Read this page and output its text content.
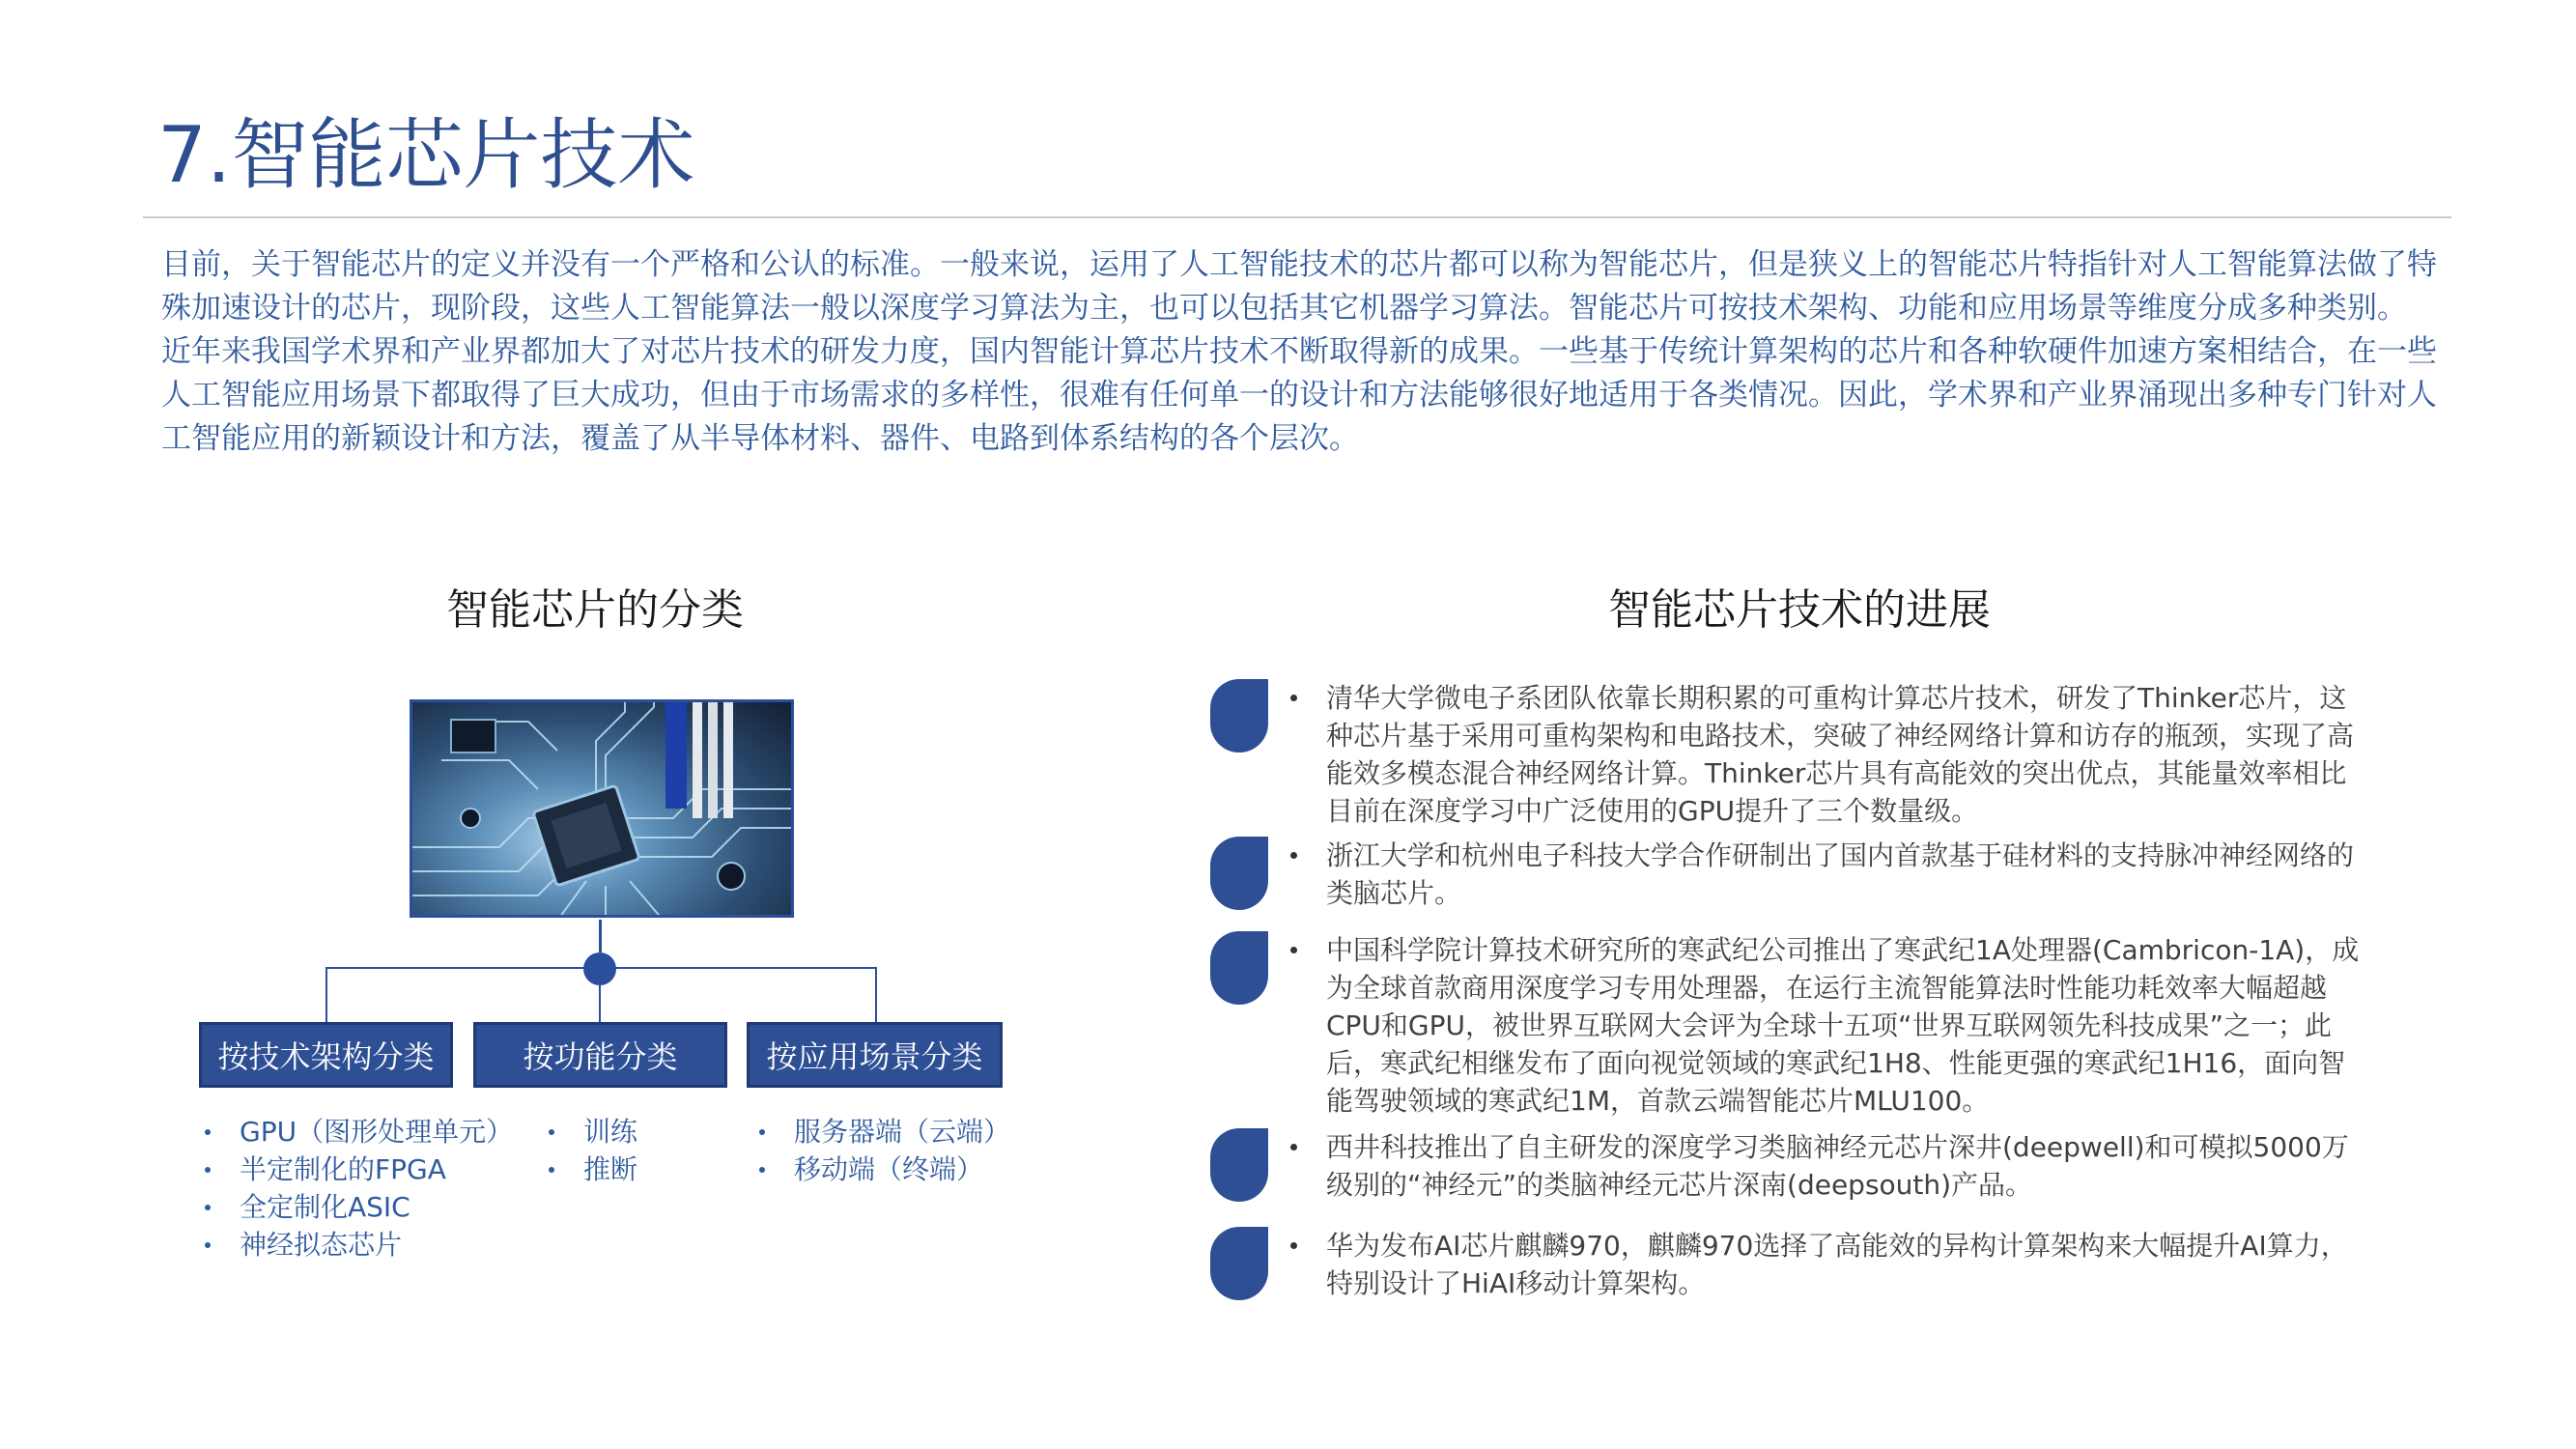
7.智能芯片技术

目前，关于智能芯片的定义并没有一个严格和公认的标准。一般来说，运用了人工智能技术的芯片都可以称为智能芯片，但是狭义上的智能芯片特指针对人工智能算法做了特殊加速设计的芯片，现阶段，这些人工智能算法一般以深度学习算法为主，也可以包括其它机器学习算法。智能芯片可按技术架构、功能和应用场景等维度分成多种类别。

近年来我国学术界和产业界都加大了对芯片技术的研发力度，国内智能计算芯片技术不断取得新的成果。一些基于传统计算架构的芯片和各种软硬件加速方案相结合，在一些人工智能应用场景下都取得了巨大成功，但由于市场需求的多样性，很难有任何单一的设计和方法能够很好地适用于各类情况。因此，学术界和产业界涌现出多种专门针对人工智能应用的新颖设计和方法，覆盖了从半导体材料、器件、电路到体系结构的各个层次。

智能芯片的分类
按技术架构分类	按功能分类	按应用场景分类
GPU（图形处理单元）
半定制化的FPGA
全定制化ASIC
神经拟态芯片
训练
推断
服务器端（云端）
移动端（终端）
智能芯片技术的进展
清华大学微电子系团队依靠长期积累的可重构计算芯片技术，研发了Thinker芯片，这种芯片基于采用可重构架构和电路技术，突破了神经网络计算和访存的瓶颈，实现了高能效多模态混合神经网络计算。Thinker芯片具有高能效的突出优点，其能量效率相比目前在深度学习中广泛使用的GPU提升了三个数量级。
浙江大学和杭州电子科技大学合作研制出了国内首款基于硅材料的支持脉冲神经网络的类脑芯片。
中国科学院计算技术研究所的寒武纪公司推出了寒武纪1A处理器(Cambricon-1A)，成为全球首款商用深度学习专用处理器，在运行主流智能算法时性能功耗效率大幅超越CPU和GPU，被世界互联网大会评为全球十五项“世界互联网领先科技成果”之一；此后，寒武纪相继发布了面向视觉领域的寒武纪1H8、性能更强的寒武纪1H16，面向智能驾驶领域的寒武纪1M，首款云端智能芯片MLU100。
西井科技推出了自主研发的深度学习类脑神经元芯片深井(deepwell)和可模拟5000万级别的“神经元”的类脑神经元芯片深南(deepsouth)产品。
华为发布AI芯片麒麟970，麒麟970选择了高能效的异构计算架构来大幅提升AI算力，特别设计了HiAI移动计算架构。
